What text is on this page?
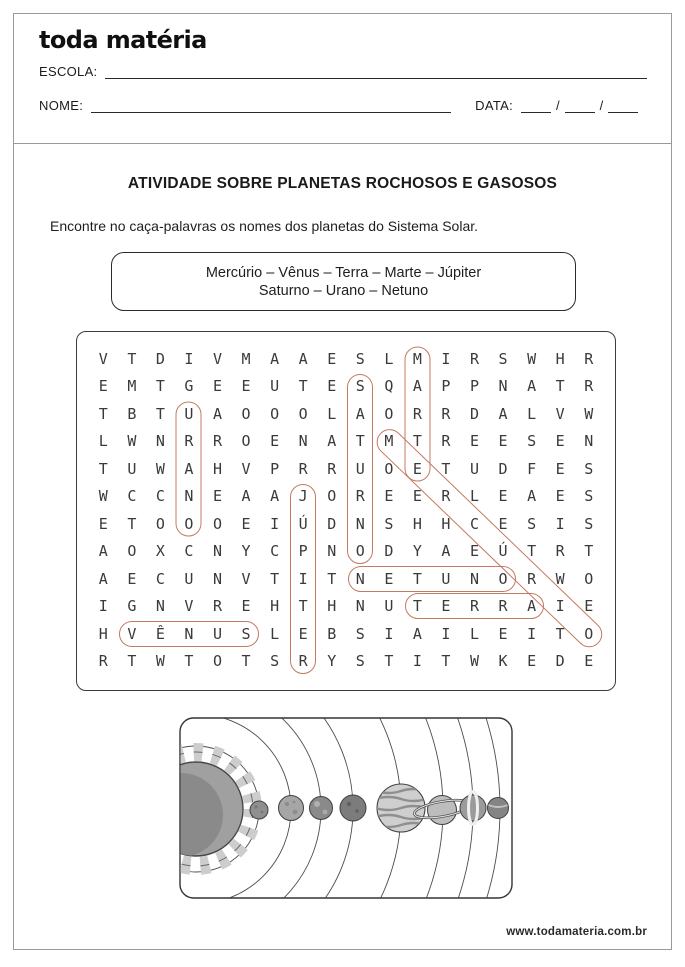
toda matéria
ESCOLA:
NOME:	DATA:	/	/
ATIVIDADE SOBRE PLANETAS ROCHOSOS E GASOSOS
Encontre no caça-palavras os nomes dos planetas do Sistema Solar.
Mercúrio – Vênus – Terra – Marte – Júpiter
Saturno – Urano – Netuno
V	T	D	I	V	M	A	A	E	S	L	M	I	R	S	W	H	R
E	M	T	G	E	E	U	T	E	S	Q	A	P	P	N	A	T	R
T	B	T	U	A	O	O	O	L	A	O	R	R	D	A	L	V	W
L	W	N	R	R	O	E	N	A	T	M	T	R	E	E	S	E	N
T	U	W	A	H	V	P	R	R	U	O	E	T	U	D	F	E	S
W	C	C	N	E	A	A	J	O	R	E	E	R	L	E	A	E	S
E	T	O	O	O	E	I	Ú	D	N	S	H	H	C	E	S	I	S
A	O	X	C	N	Y	C	P	N	O	D	Y	A	E	Ú	T	R	T
A	E	C	U	N	V	T	I	T	N	E	T	U	N	O	R	W	O
I	G	N	V	R	E	H	T	H	N	U	T	E	R	R	A	I	E
H	V	Ê	N	U	S	L	E	B	S	I	A	I	L	E	I	T	O
R	T	W	T	O	T	S	R	Y	S	T	I	T	W	K	E	D	E
www.todamateria.com.br
